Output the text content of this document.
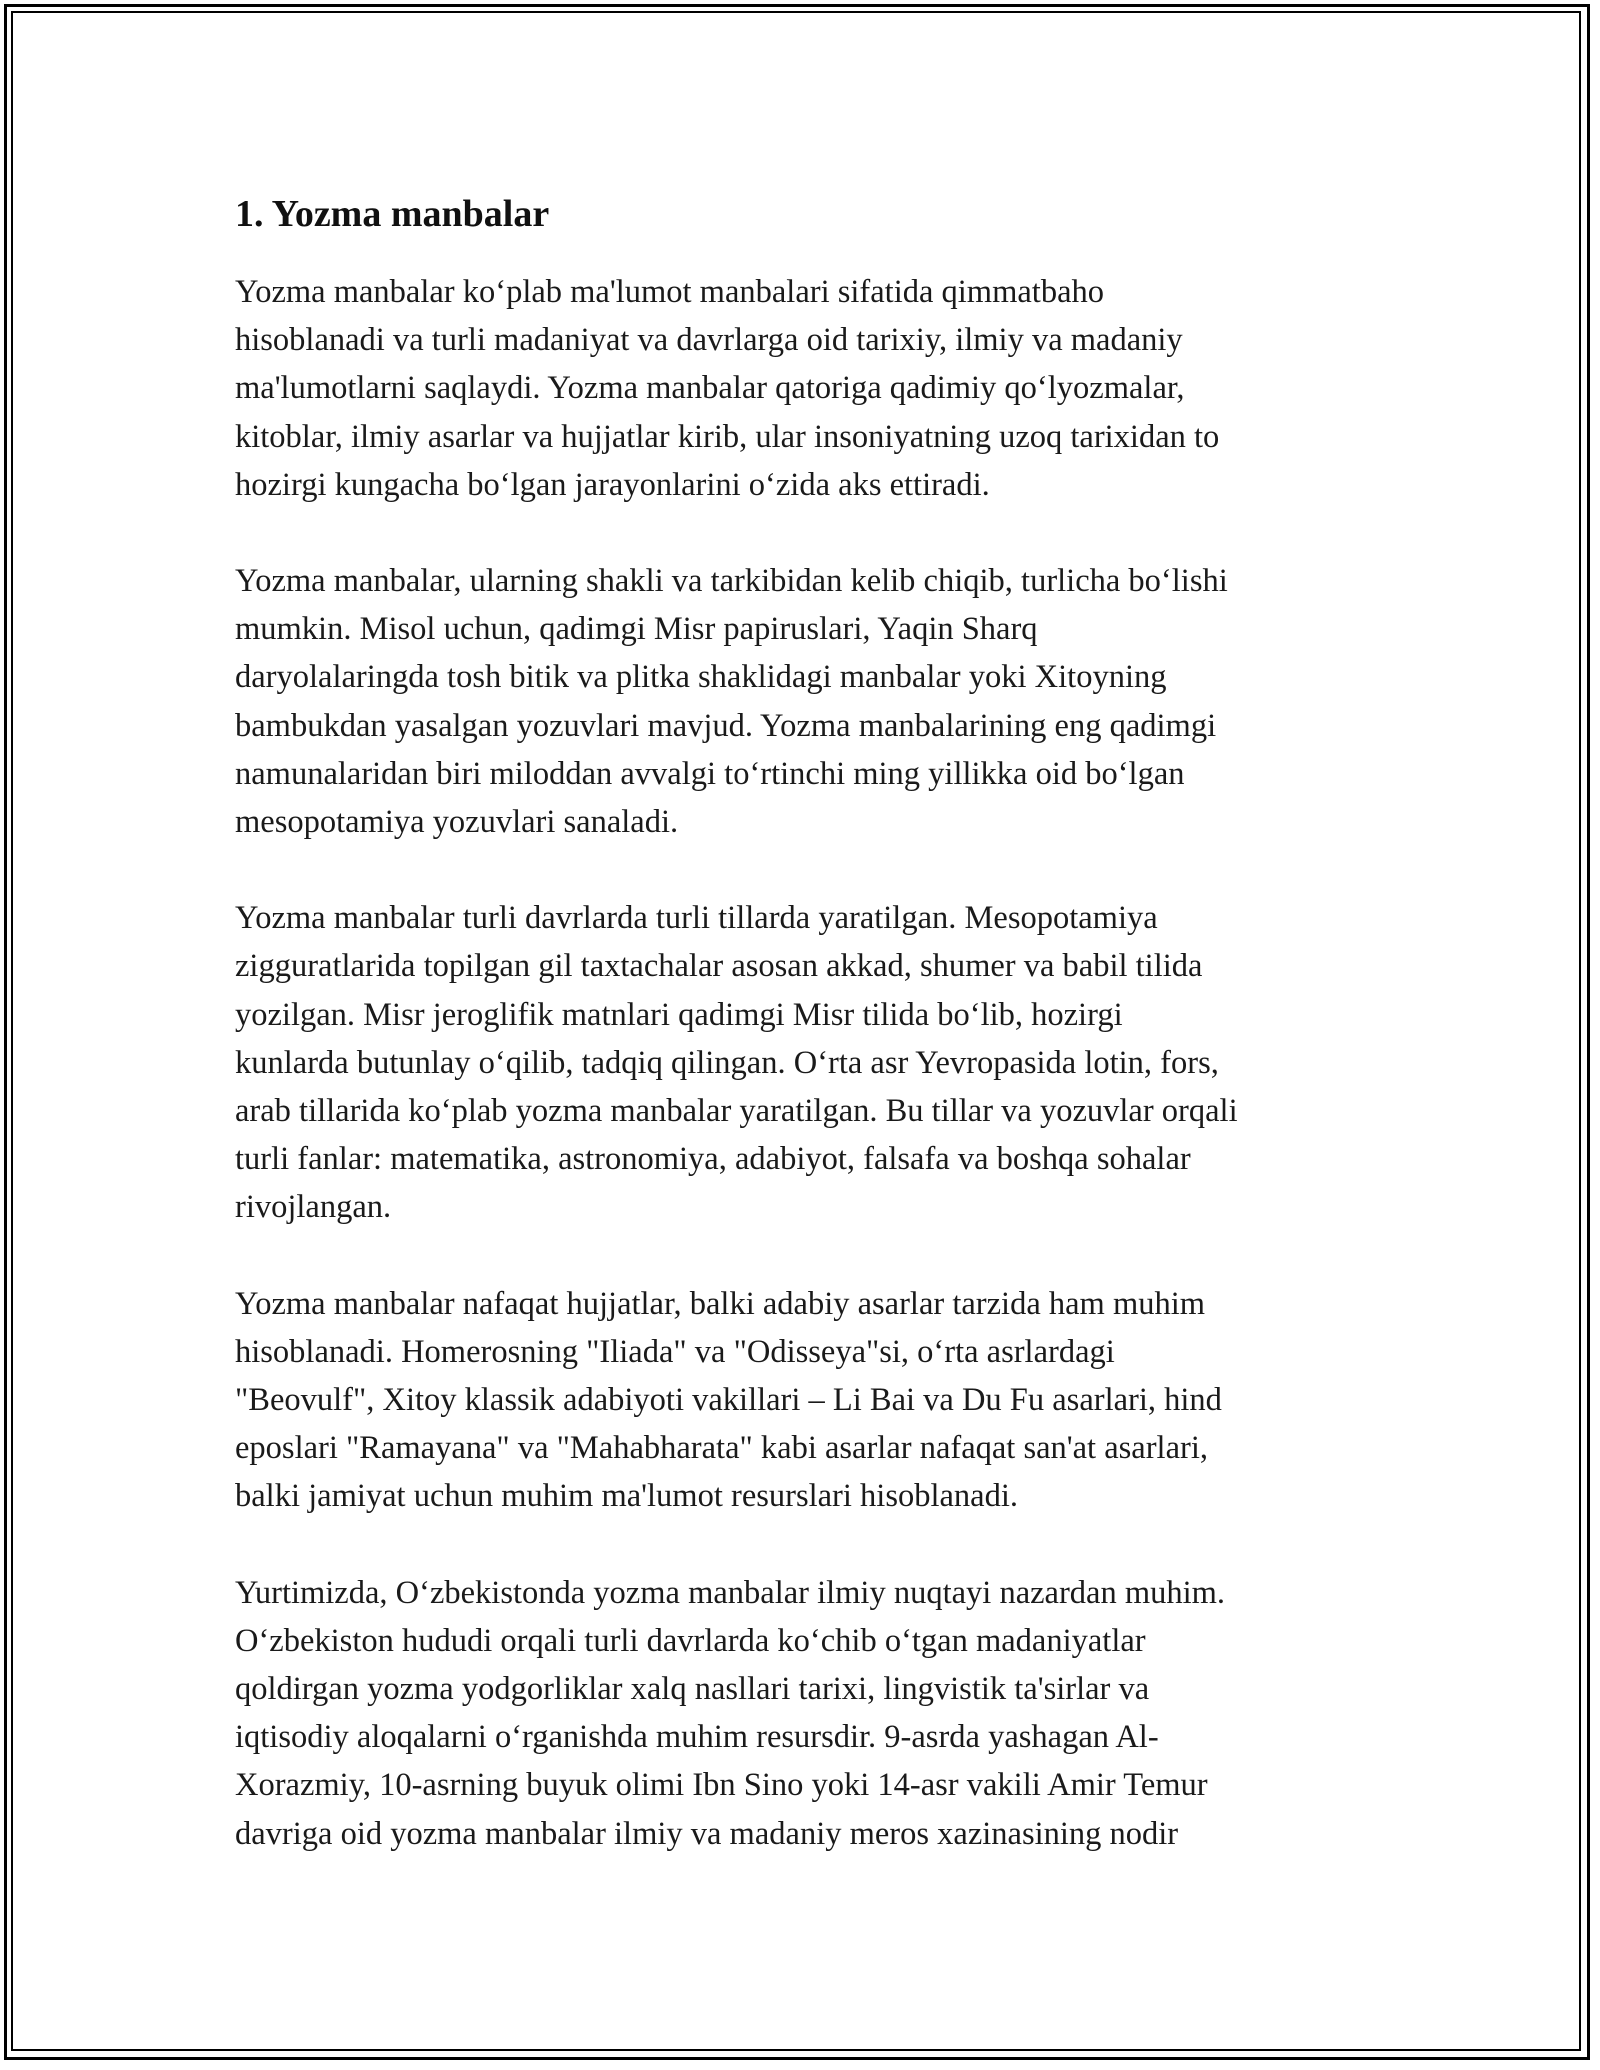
1. Yozma manbalar

Yozma manbalar ko‘plab ma'lumot manbalari sifatida qimmatbaho
hisoblanadi va turli madaniyat va davrlarga oid tarixiy, ilmiy va madaniy
ma'lumotlarni saqlaydi. Yozma manbalar qatoriga qadimiy qo‘lyozmalar,
kitoblar, ilmiy asarlar va hujjatlar kirib, ular insoniyatning uzoq tarixidan to
hozirgi kungacha bo‘lgan jarayonlarini o‘zida aks ettiradi.

Yozma manbalar, ularning shakli va tarkibidan kelib chiqib, turlicha bo‘lishi
mumkin. Misol uchun, qadimgi Misr papiruslari, Yaqin Sharq
daryolalaringda tosh bitik va plitka shaklidagi manbalar yoki Xitoyning
bambukdan yasalgan yozuvlari mavjud. Yozma manbalarining eng qadimgi
namunalaridan biri miloddan avvalgi to‘rtinchi ming yillikka oid bo‘lgan
mesopotamiya yozuvlari sanaladi.

Yozma manbalar turli davrlarda turli tillarda yaratilgan. Mesopotamiya
zigguratlarida topilgan gil taxtachalar asosan akkad, shumer va babil tilida
yozilgan. Misr jeroglifik matnlari qadimgi Misr tilida bo‘lib, hozirgi
kunlarda butunlay o‘qilib, tadqiq qilingan. O‘rta asr Yevropasida lotin, fors,
arab tillarida ko‘plab yozma manbalar yaratilgan. Bu tillar va yozuvlar orqali
turli fanlar: matematika, astronomiya, adabiyot, falsafa va boshqa sohalar
rivojlangan.

Yozma manbalar nafaqat hujjatlar, balki adabiy asarlar tarzida ham muhim
hisoblanadi. Homerosning "Iliada" va "Odisseya"si, o‘rta asrlardagi
"Beovulf", Xitoy klassik adabiyoti vakillari – Li Bai va Du Fu asarlari, hind
eposlari "Ramayana" va "Mahabharata" kabi asarlar nafaqat san'at asarlari,
balki jamiyat uchun muhim ma'lumot resurslari hisoblanadi.

Yurtimizda, O‘zbekistonda yozma manbalar ilmiy nuqtayi nazardan muhim.
O‘zbekiston hududi orqali turli davrlarda ko‘chib o‘tgan madaniyatlar
qoldirgan yozma yodgorliklar xalq nasllari tarixi, lingvistik ta'sirlar va
iqtisodiy aloqalarni o‘rganishda muhim resursdir. 9-asrda yashagan Al-
Xorazmiy, 10-asrning buyuk olimi Ibn Sino yoki 14-asr vakili Amir Temur
davriga oid yozma manbalar ilmiy va madaniy meros xazinasining nodir
